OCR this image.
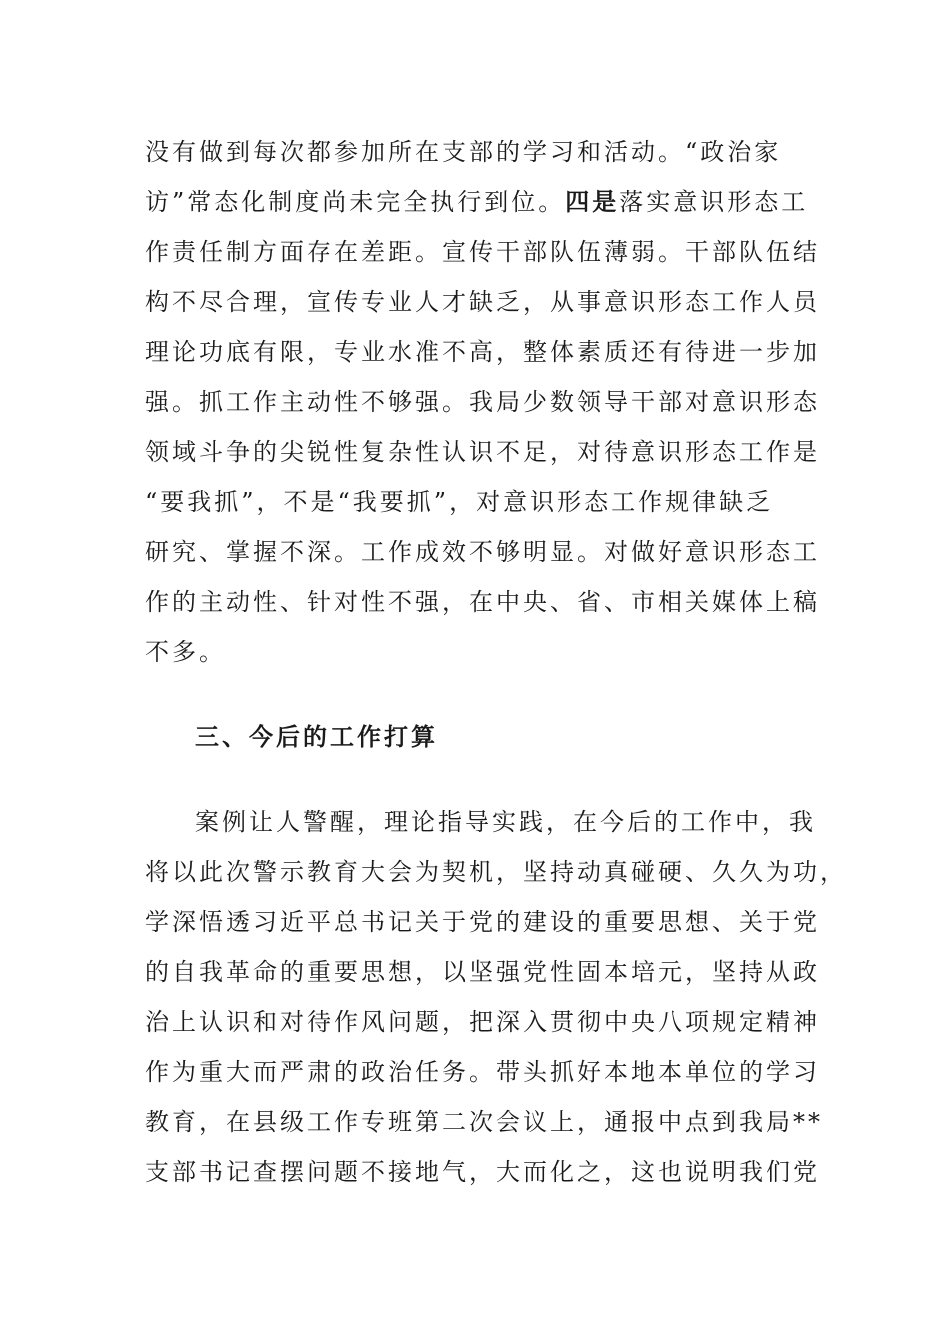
没有做到每次都参加所在支部的学习和活动。“政治家
访”常态化制度尚未完全执行到位。四是落实意识形态工
作责任制方面存在差距。宣传干部队伍薄弱。干部队伍结
构不尽合理，宣传专业人才缺乏，从事意识形态工作人员
理论功底有限，专业水准不高，整体素质还有待进一步加
强。抓工作主动性不够强。我局少数领导干部对意识形态
领域斗争的尖锐性复杂性认识不足，对待意识形态工作是
“要我抓”，不是“我要抓”，对意识形态工作规律缺乏
研究、掌握不深。工作成效不够明显。对做好意识形态工
作的主动性、针对性不强，在中央、省、市相关媒体上稿
不多。
三、今后的工作打算
案例让人警醒，理论指导实践，在今后的工作中，我
将以此次警示教育大会为契机，坚持动真碰硬、久久为功，
学深悟透习近平总书记关于党的建设的重要思想、关于党
的自我革命的重要思想，以坚强党性固本培元，坚持从政
治上认识和对待作风问题，把深入贯彻中央八项规定精神
作为重大而严肃的政治任务。带头抓好本地本单位的学习
教育，在县级工作专班第二次会议上，通报中点到我局**
支部书记查摆问题不接地气，大而化之，这也说明我们党
